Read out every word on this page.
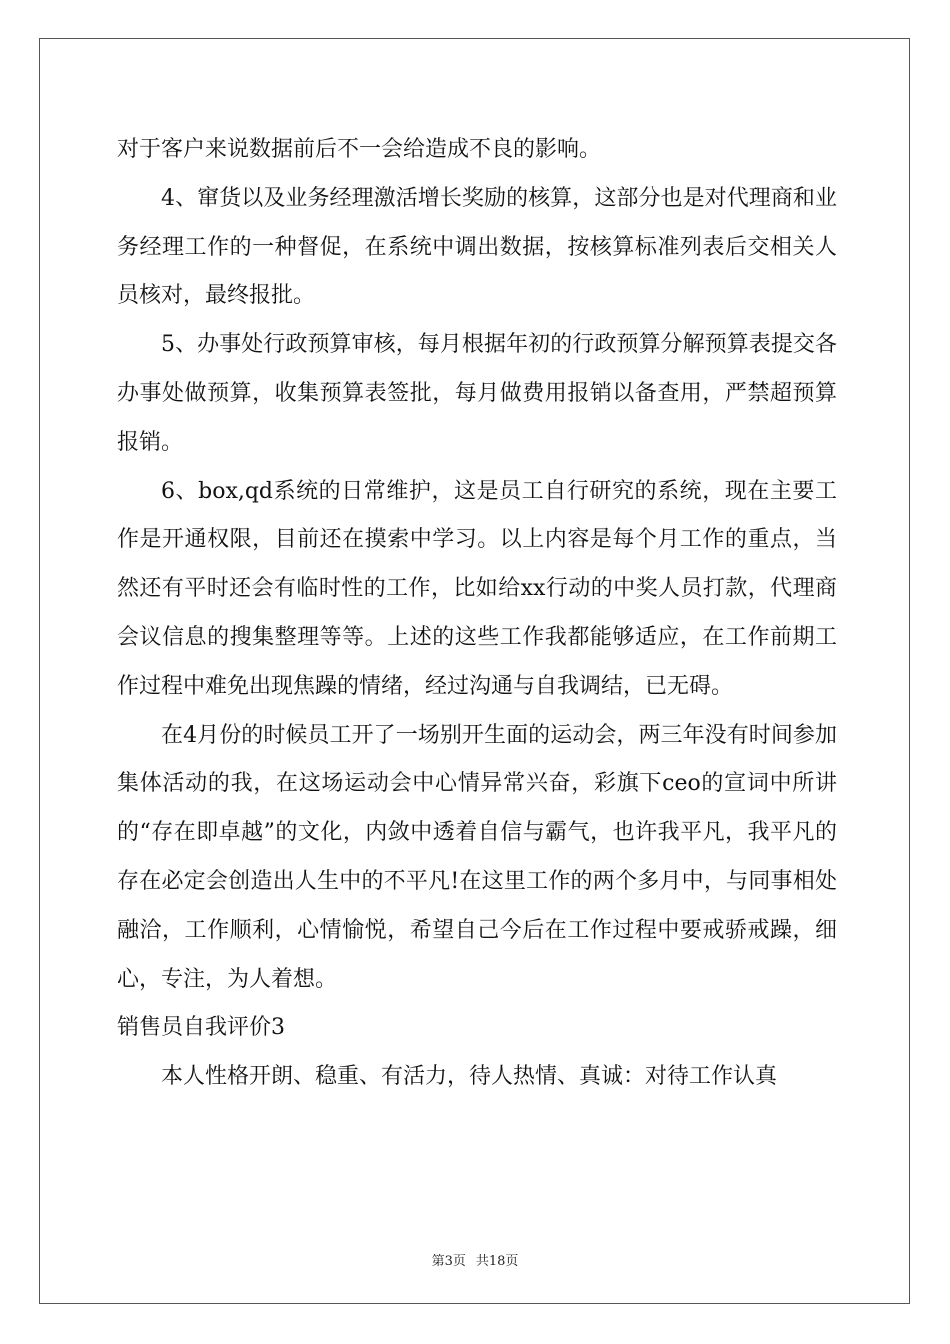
对于客户来说数据前后不一会给造成不良的影响。

4、窜货以及业务经理激活增长奖励的核算，这部分也是对代理商和业务经理工作的一种督促，在系统中调出数据，按核算标准列表后交相关人员核对，最终报批。

5、办事处行政预算审核，每月根据年初的行政预算分解预算表提交各办事处做预算，收集预算表签批，每月做费用报销以备查用，严禁超预算报销。

6、box,qd系统的日常维护，这是员工自行研究的系统，现在主要工作是开通权限，目前还在摸索中学习。以上内容是每个月工作的重点，当然还有平时还会有临时性的工作，比如给xx行动的中奖人员打款，代理商会议信息的搜集整理等等。上述的这些工作我都能够适应，在工作前期工作过程中难免出现焦躁的情绪，经过沟通与自我调结，已无碍。

在4月份的时候员工开了一场别开生面的运动会，两三年没有时间参加集体活动的我，在这场运动会中心情异常兴奋，彩旗下ceo的宣词中所讲的“存在即卓越”的文化，内敛中透着自信与霸气，也许我平凡，我平凡的存在必定会创造出人生中的不平凡!在这里工作的两个多月中，与同事相处融洽，工作顺利，心情愉悦，希望自己今后在工作过程中要戒骄戒躁，细心，专注，为人着想。

销售员自我评价3

本人性格开朗、稳重、有活力，待人热情、真诚：对待工作认真

第3页 共18页
